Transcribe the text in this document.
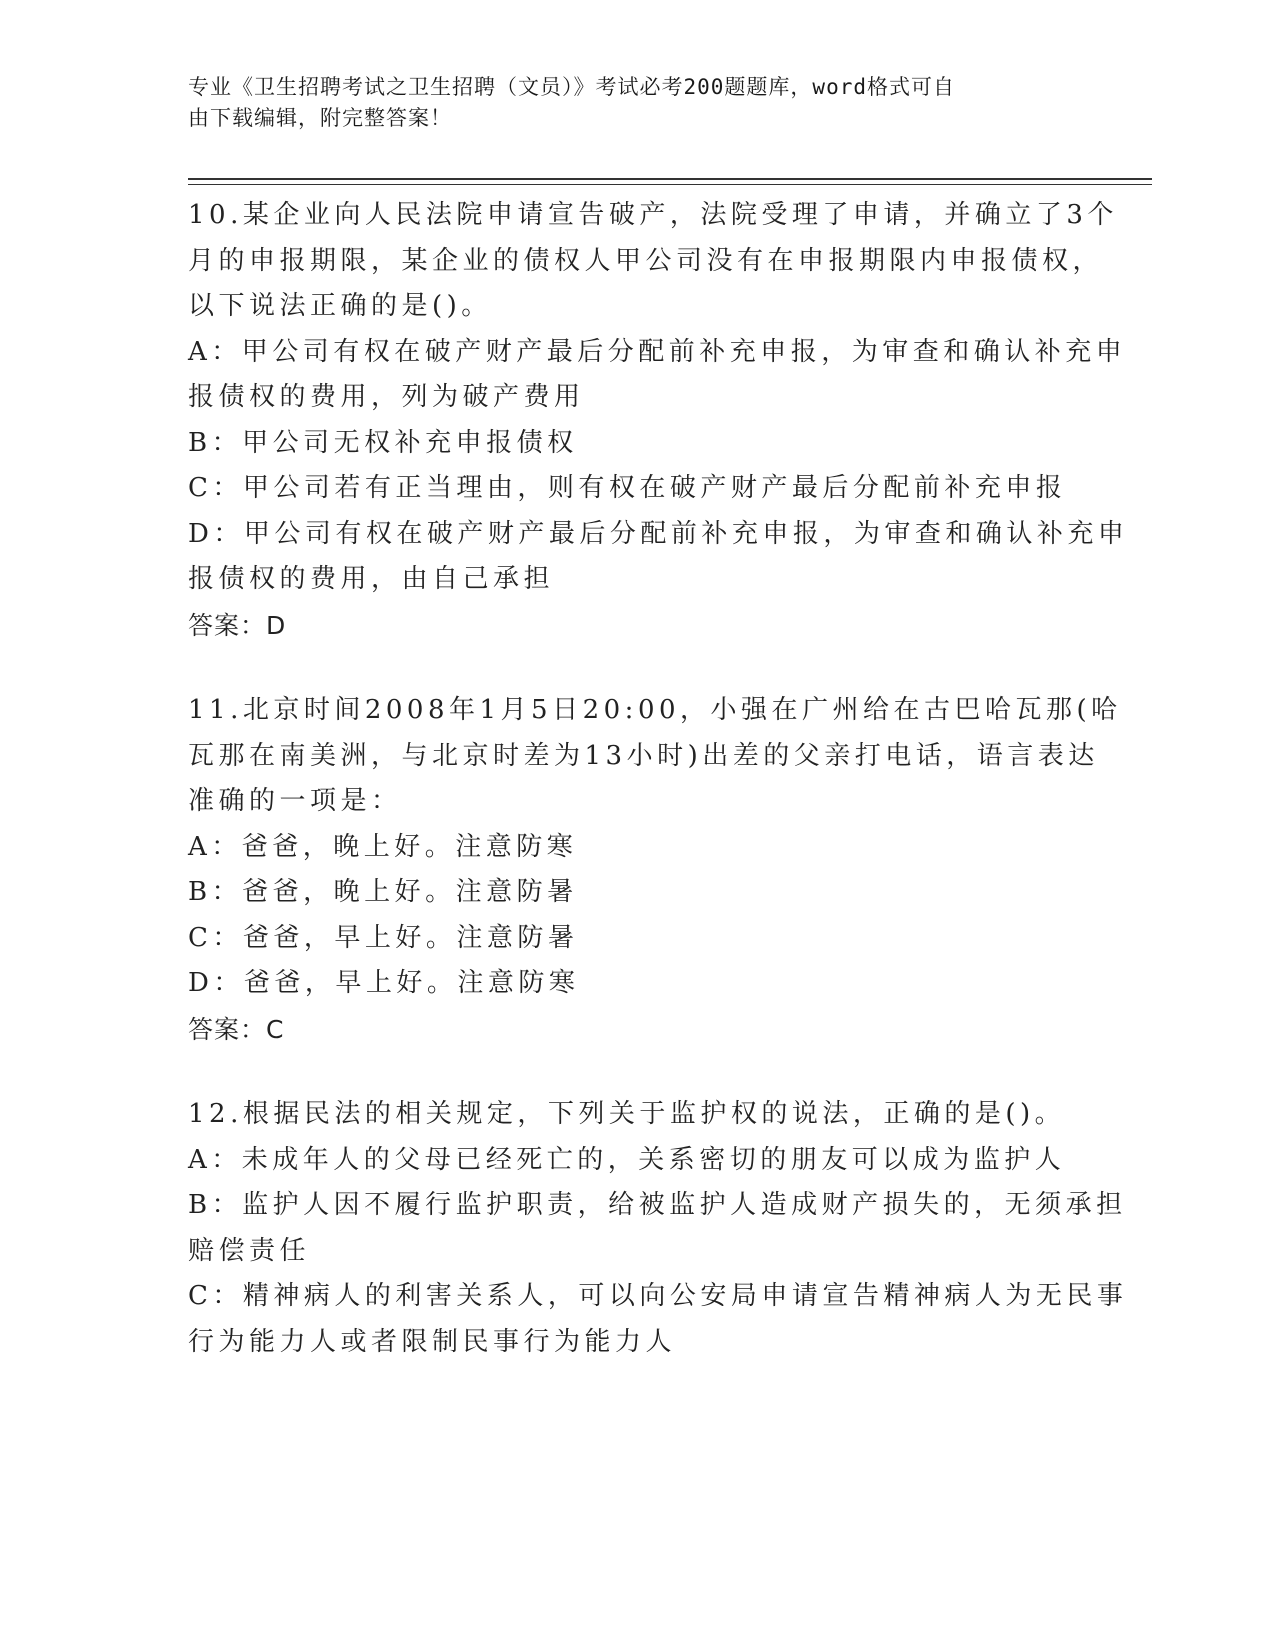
专业《卫生招聘考试之卫生招聘（文员）》考试必考200题题库，word格式可自
由下载编辑，附完整答案！
10.某企业向人民法院申请宣告破产，法院受理了申请，并确立了3个
月的申报期限，某企业的债权人甲公司没有在申报期限内申报债权，
以下说法正确的是()。
A：甲公司有权在破产财产最后分配前补充申报，为审查和确认补充申
报债权的费用，列为破产费用
B：甲公司无权补充申报债权
C：甲公司若有正当理由，则有权在破产财产最后分配前补充申报
D：甲公司有权在破产财产最后分配前补充申报，为审查和确认补充申
报债权的费用，由自己承担
答案：D
11.北京时间2008年1月5日20:00，小强在广州给在古巴哈瓦那(哈
瓦那在南美洲，与北京时差为13小时)出差的父亲打电话，语言表达
准确的一项是：
A：爸爸，晚上好。注意防寒
B：爸爸，晚上好。注意防暑
C：爸爸，早上好。注意防暑
D：爸爸，早上好。注意防寒
答案：C
12.根据民法的相关规定，下列关于监护权的说法，正确的是()。
A：未成年人的父母已经死亡的，关系密切的朋友可以成为监护人
B：监护人因不履行监护职责，给被监护人造成财产损失的，无须承担
赔偿责任
C：精神病人的利害关系人，可以向公安局申请宣告精神病人为无民事
行为能力人或者限制民事行为能力人
